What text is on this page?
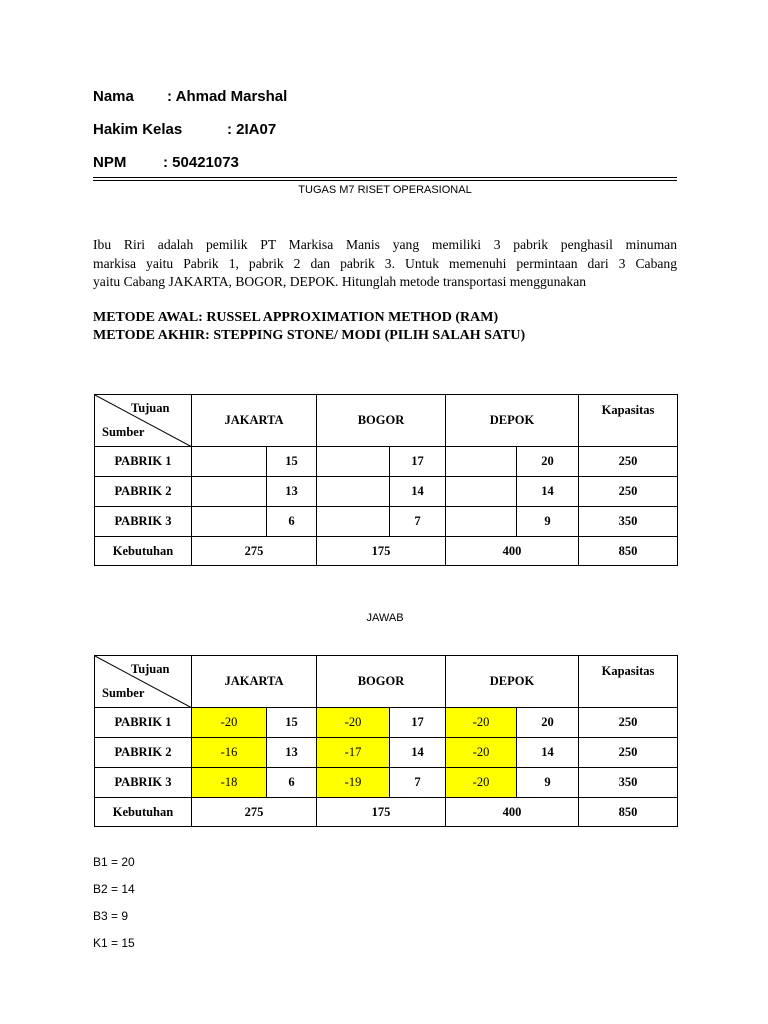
Nama : Ahmad Marshal
Hakim Kelas	: 2IA07
NPM : 50421073
TUGAS M7 RISET OPERASIONAL
Ibu Riri adalah pemilik PT Markisa Manis yang memiliki 3 pabrik penghasil minuman
markisa yaitu Pabrik 1, pabrik 2 dan pabrik 3. Untuk memenuhi permintaan dari 3 Cabang
yaitu Cabang JAKARTA, BOGOR, DEPOK. Hitunglah metode transportasi menggunakan
METODE AWAL: RUSSEL APPROXIMATION METHOD (RAM)
METODE AKHIR: STEPPING STONE/ MODI (PILIH SALAH SATU)
Tujuan
Sumber	JAKARTA		BOGOR		DEPOK		Kapasitas
PABRIK 1		15		17		20	250
PABRIK 2		13		14		14	250
PABRIK 3		6		7		9	350
Kebutuhan	275		175		400		850
JAWAB
Tujuan
Sumber	JAKARTA		BOGOR		DEPOK		Kapasitas
PABRIK 1	-20	15	-20	17	-20	20	250
PABRIK 2	-16	13	-17	14	-20	14	250
PABRIK 3	-18	6	-19	7	-20	9	350
Kebutuhan	275		175		400		850
B1 = 20
B2 = 14
B3 = 9
K1 = 15
